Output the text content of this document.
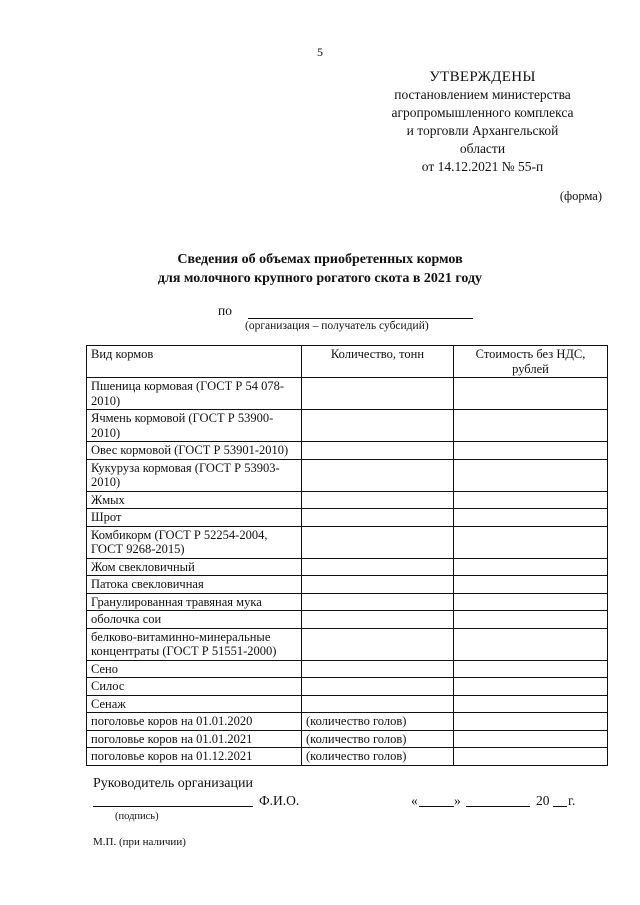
5
УТВЕРЖДЕНЫ
постановлением министерства
агропромышленного комплекса
и торговли Архангельской
области
от 14.12.2021 № 55-п
(форма)
Сведения об объемах приобретенных кормов
для молочного крупного рогатого скота в 2021 году
по
(организация – получатель субсидий)
Вид кормов	Количество, тонн	Стоимость без НДС, рублей
Пшеница кормовая (ГОСТ Р 54 078-2010)		
Ячмень кормовой (ГОСТ Р 53900-2010)		
Овес кормовой (ГОСТ Р 53901-2010)		
Кукуруза кормовая (ГОСТ Р 53903-2010)		
Жмых		
Шрот		
Комбикорм (ГОСТ Р 52254-2004, ГОСТ 9268-2015)		
Жом свекловичный		
Патока свекловичная		
Гранулированная травяная мука		
оболочка сои		
белково-витаминно-минеральные концентраты (ГОСТ Р 51551-2000)		
Сено		
Силос		
Сенаж		
поголовье коров на 01.01.2020	(количество голов)	
поголовье коров на 01.01.2021	(количество голов)	
поголовье коров на 01.12.2021	(количество голов)	
Руководитель организации
Ф.И.О.
(подпись)
«	»	20 г.
М.П. (при наличии)
